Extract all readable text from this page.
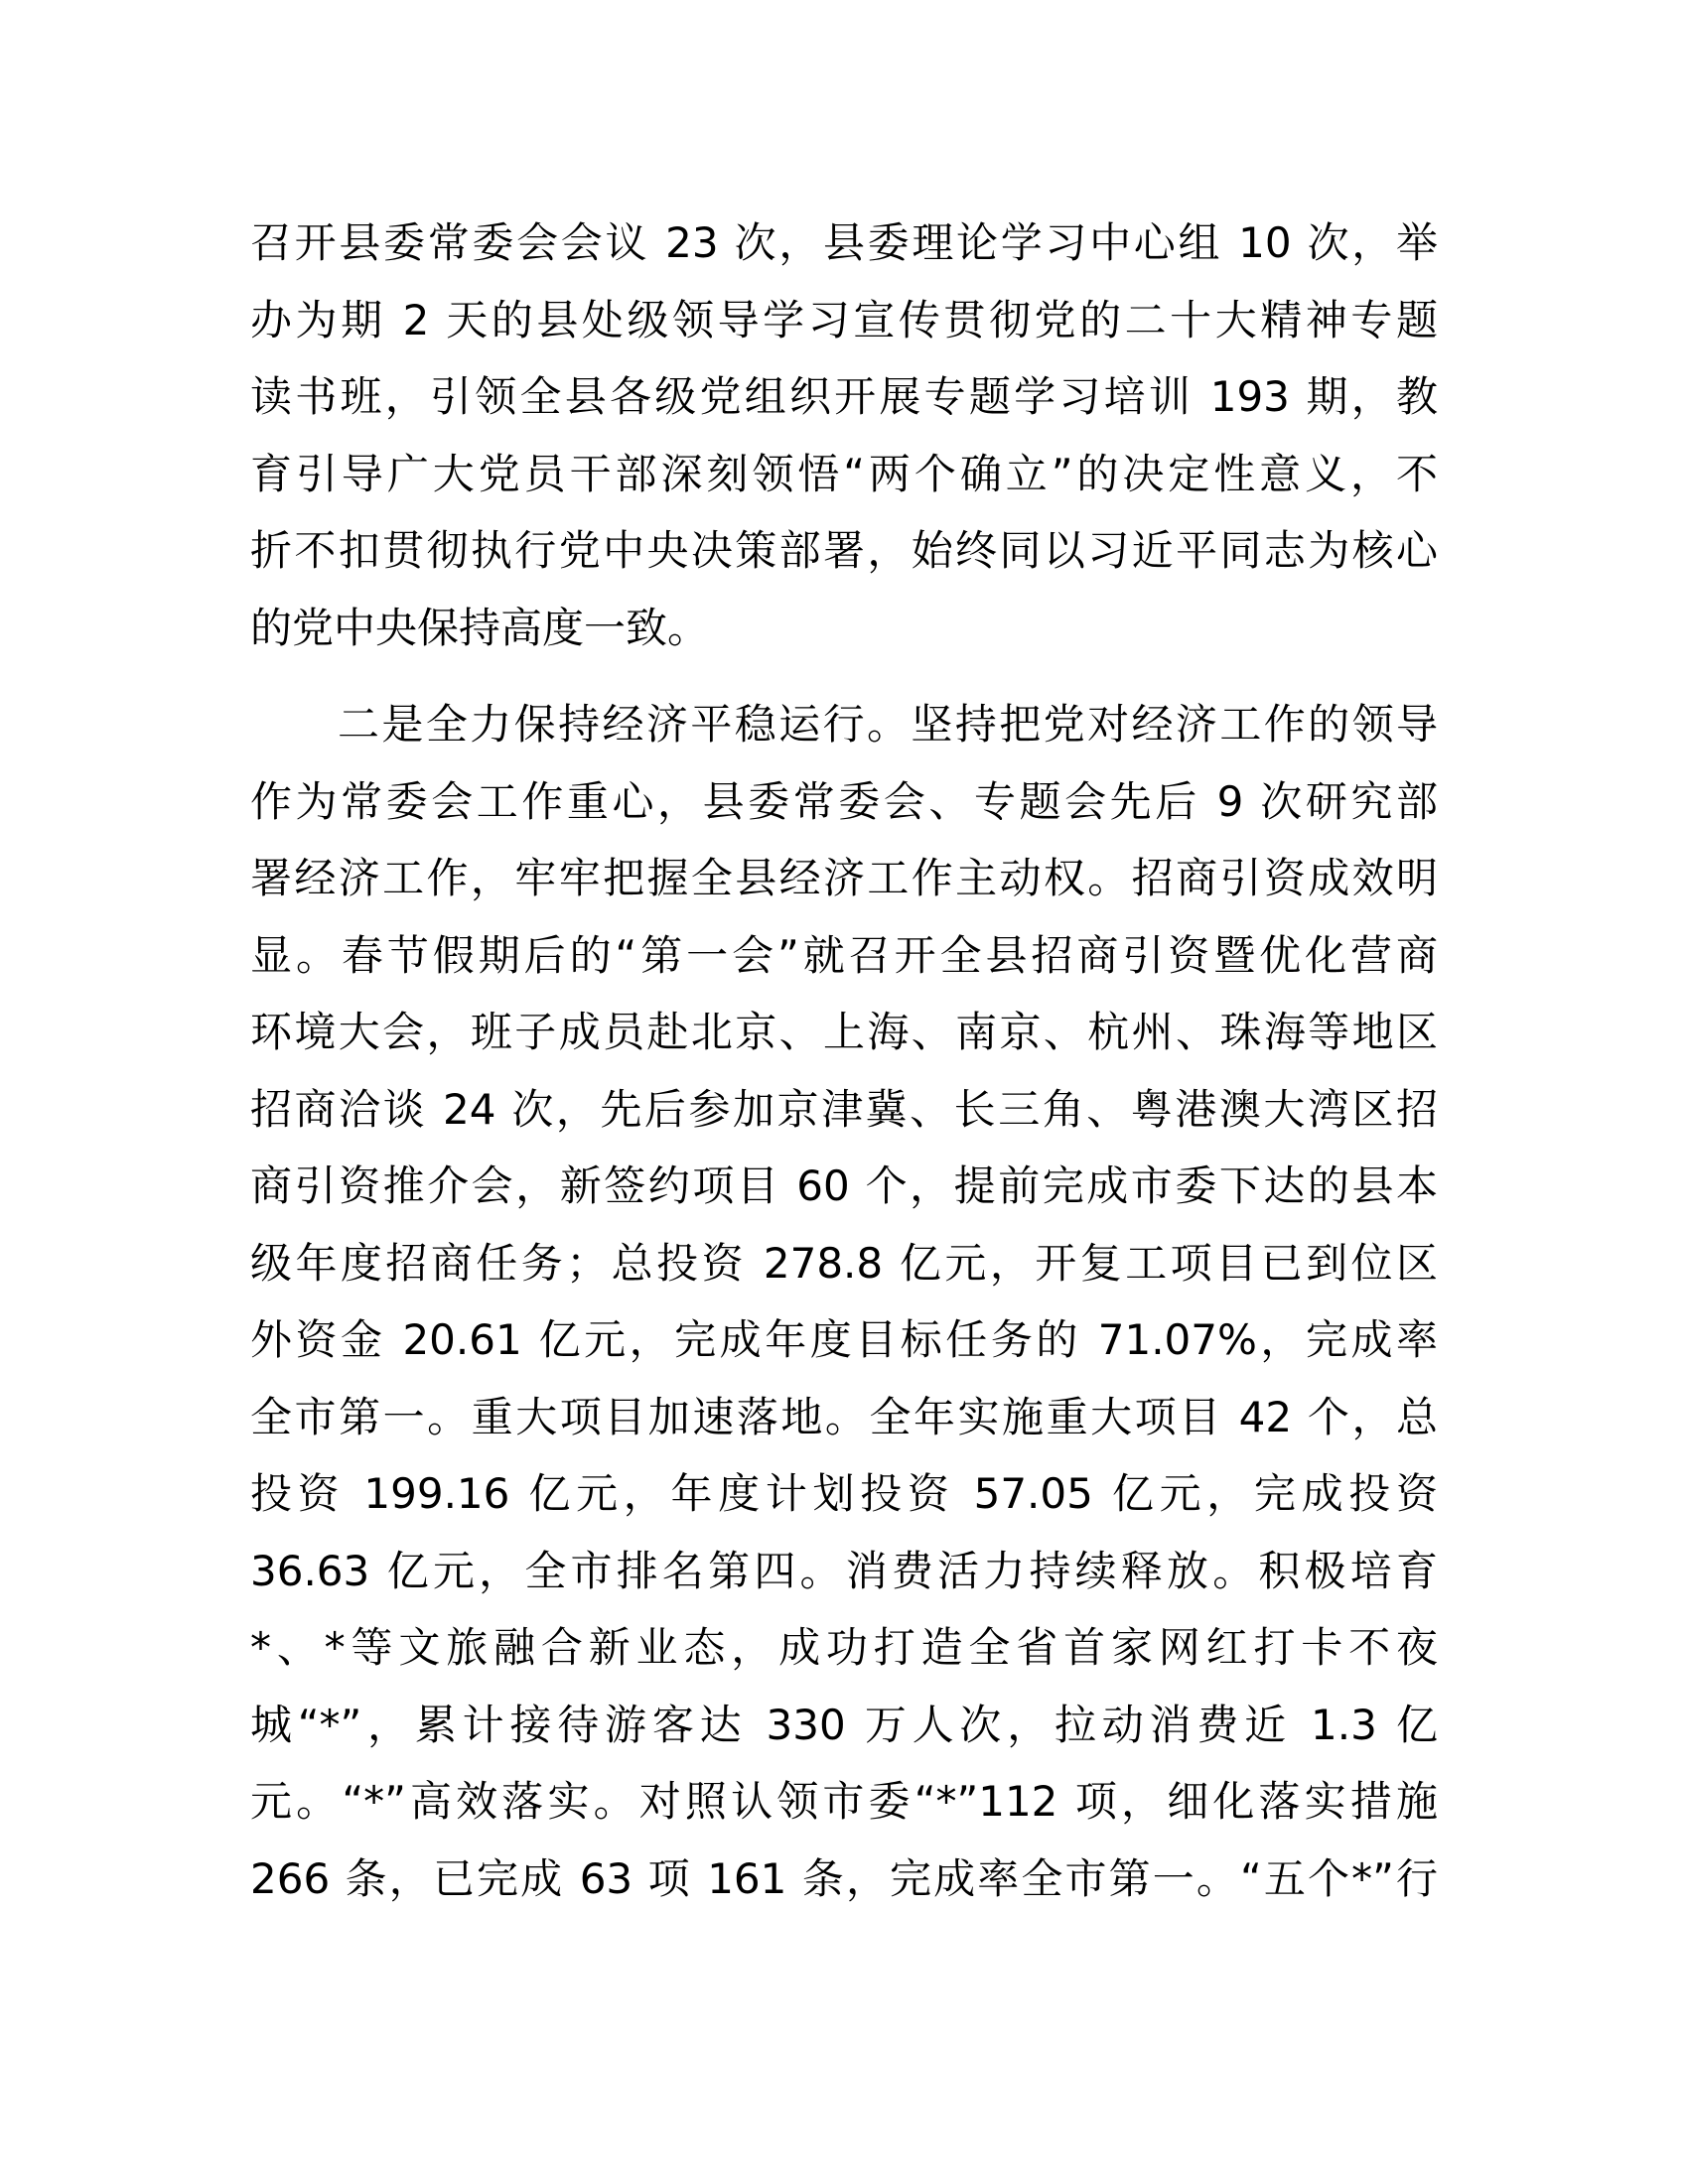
召开县委常委会会议 23 次，县委理论学习中心组 10 次，举
办为期 2 天的县处级领导学习宣传贯彻党的二十大精神专题
读书班，引领全县各级党组织开展专题学习培训 193 期，教
育引导广大党员干部深刻领悟“两个确立”的决定性意义，不
折不扣贯彻执行党中央决策部署，始终同以习近平同志为核心
的党中央保持高度一致。

二是全力保持经济平稳运行。坚持把党对经济工作的领导
作为常委会工作重心，县委常委会、专题会先后 9 次研究部
署经济工作，牢牢把握全县经济工作主动权。招商引资成效明
显。春节假期后的“第一会”就召开全县招商引资暨优化营商
环境大会，班子成员赴北京、上海、南京、杭州、珠海等地区
招商洽谈 24 次，先后参加京津冀、长三角、粤港澳大湾区招
商引资推介会，新签约项目 60 个，提前完成市委下达的县本
级年度招商任务；总投资 278.8 亿元，开复工项目已到位区
外资金 20.61 亿元，完成年度目标任务的 71.07%，完成率
全市第一。重大项目加速落地。全年实施重大项目 42 个，总
投资 199.16 亿元，年度计划投资 57.05 亿元，完成投资
36.63 亿元，全市排名第四。消费活力持续释放。积极培育
*、*等文旅融合新业态，成功打造全省首家网红打卡不夜
城“*”，累计接待游客达 330 万人次，拉动消费近 1.3 亿
元。“*”高效落实。对照认领市委“*”112 项，细化落实措施
266 条，已完成 63 项 161 条，完成率全市第一。“五个*”行
